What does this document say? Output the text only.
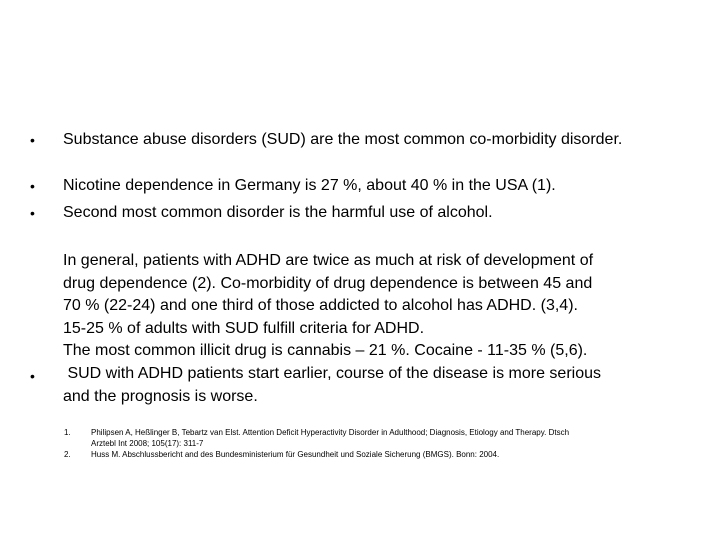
• Substance abuse disorders (SUD) are the most common co-morbidity disorder.
• Nicotine dependence in Germany is 27 %, about 40 % in the USA (1).
• Second most common disorder is the harmful use of alcohol.
In general, patients with ADHD are twice as much at risk of development of
drug dependence (2). Co-morbidity of drug dependence is between 45 and
70 % (22-24) and one third of those addicted to alcohol has ADHD. (3,4).
15-25 % of adults with SUD fulfill criteria for ADHD.
The most common illicit drug is cannabis – 21 %. Cocaine - 11-35 % (5,6).
• SUD with ADHD patients start earlier, course of the disease is more serious
and the prognosis is worse.
1.	Philipsen A, Heßlinger B, Tebartz van Elst. Attention Deficit Hyperactivity Disorder in Adulthood; Diagnosis, Etiology and Therapy. Dtsch
Arztebl Int 2008; 105(17): 311-7
2.	Huss M. Abschlussbericht and des Bundesministerium für Gesundheit und Soziale Sicherung (BMGS). Bonn: 2004.
